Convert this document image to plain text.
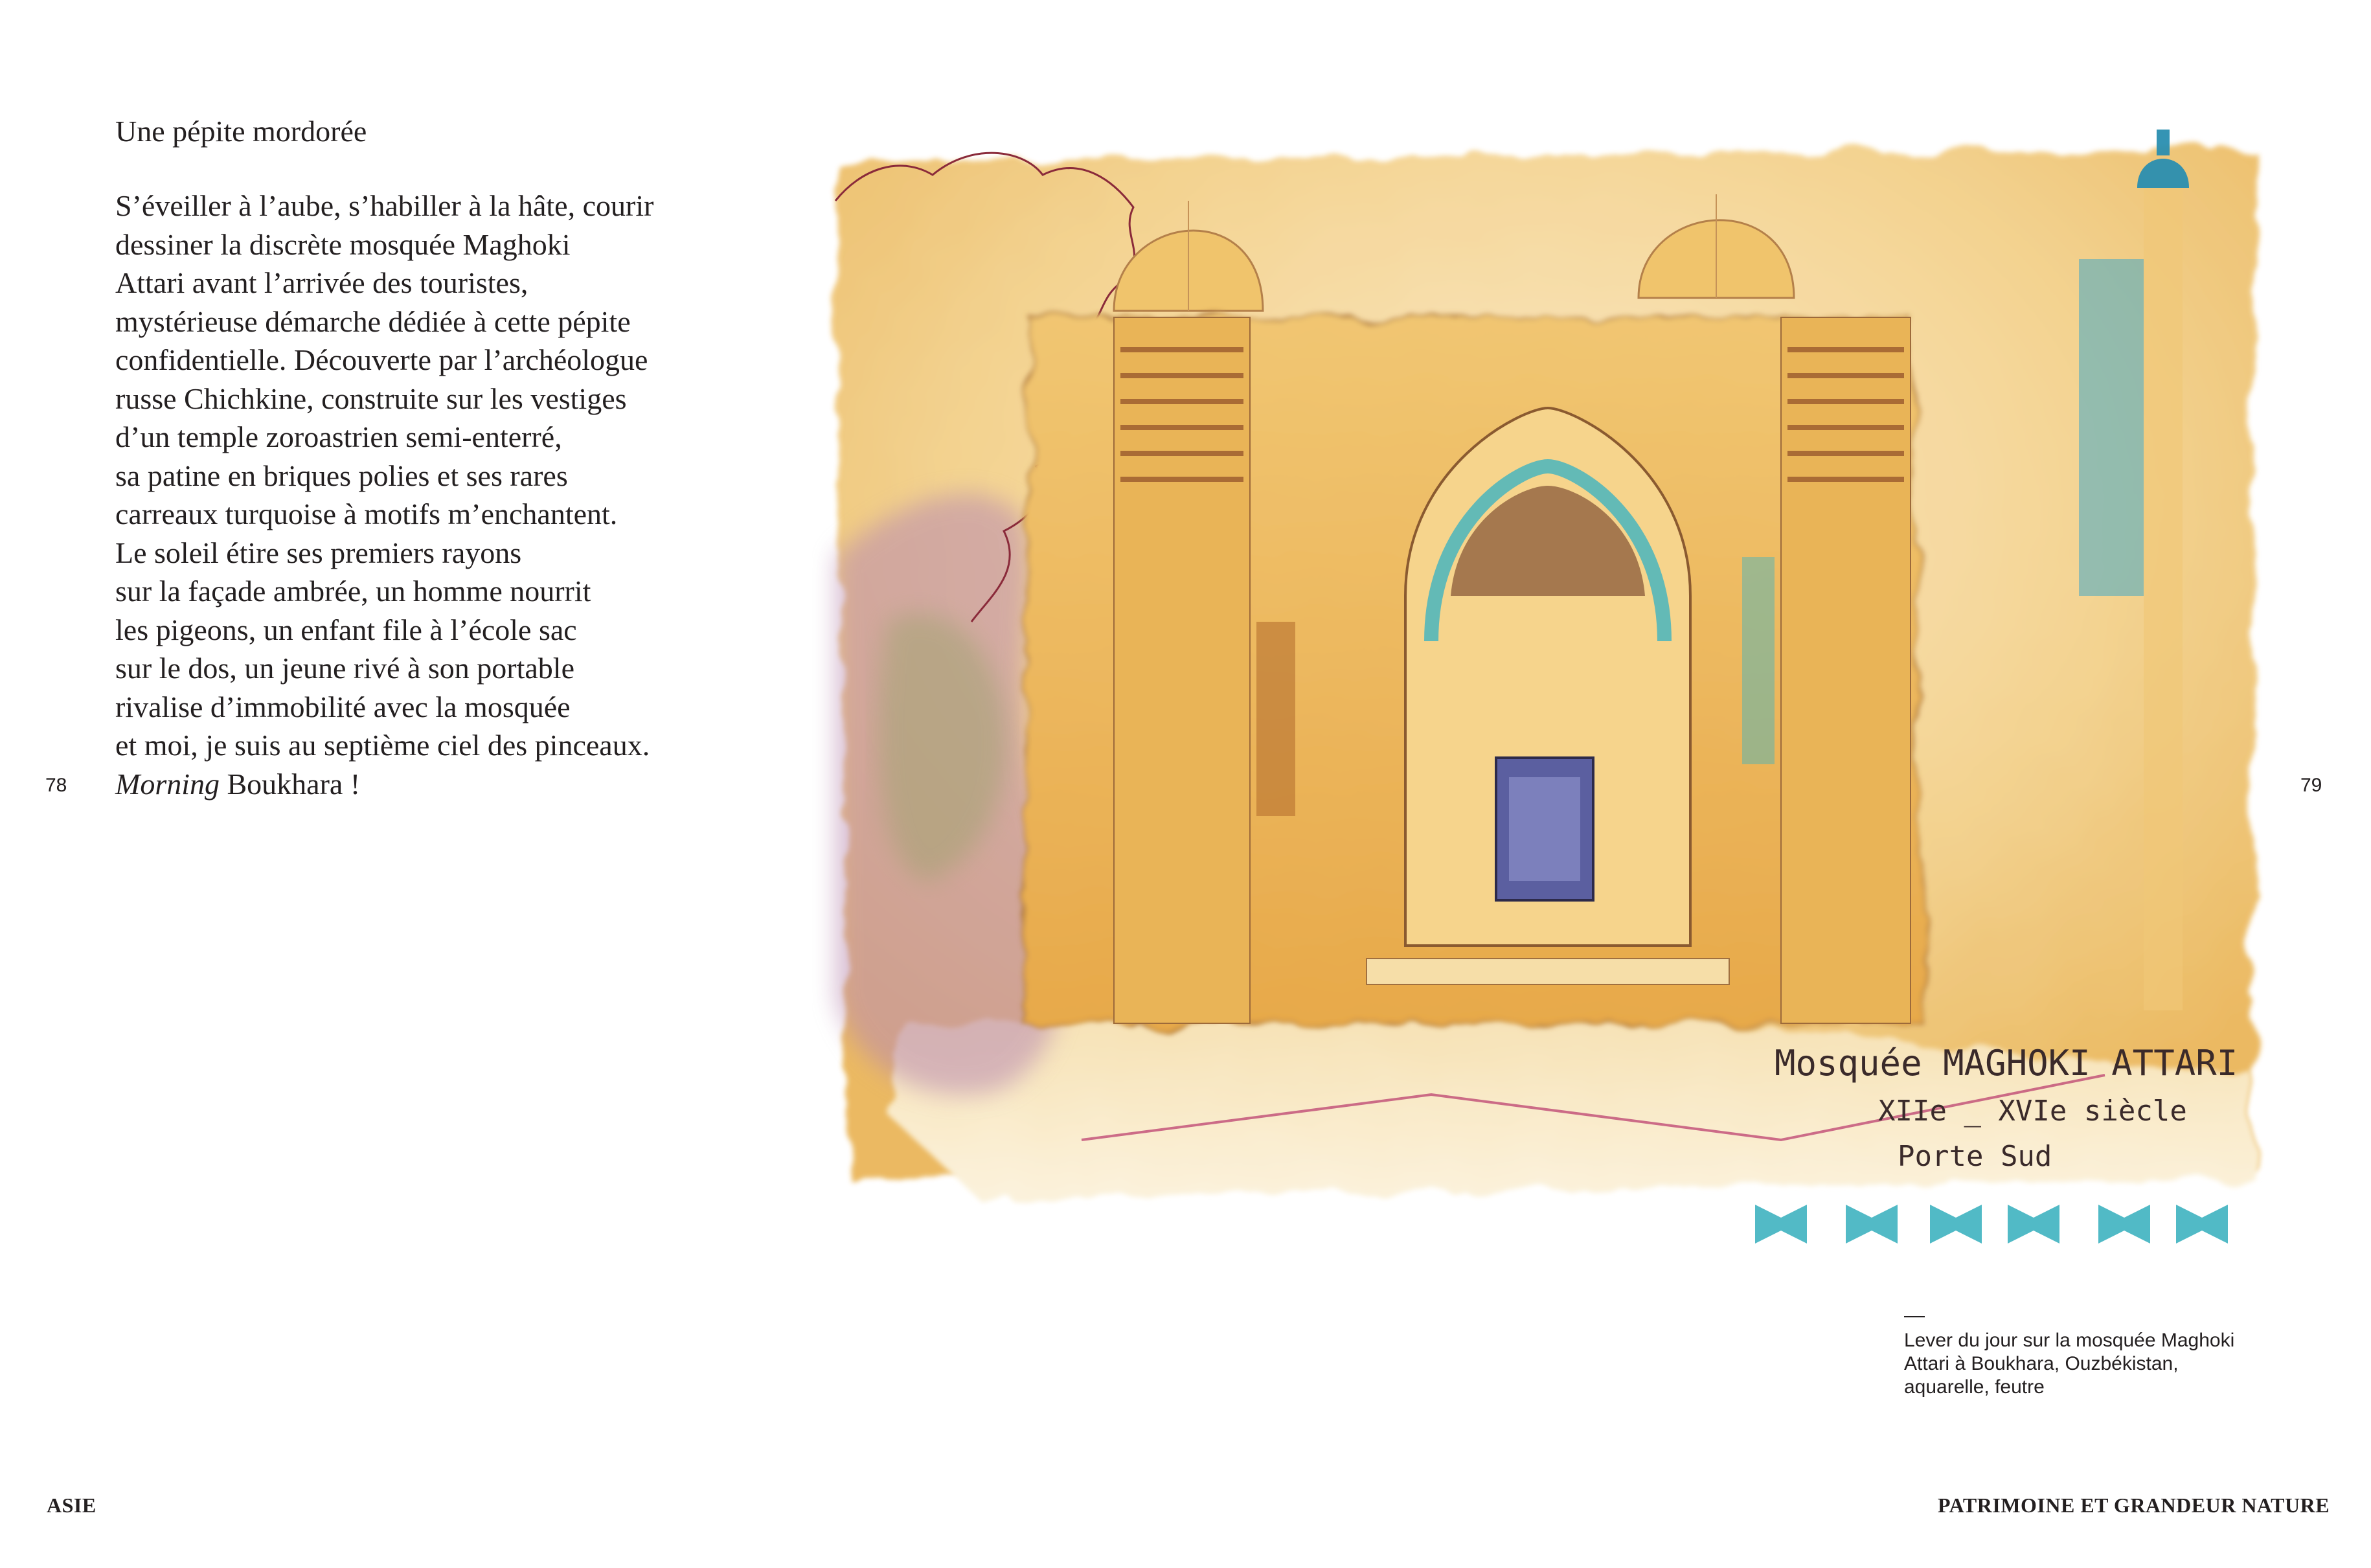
Une pépite mordorée

S’éveiller à l’aube, s’habiller à la hâte, courir
dessiner la discrète mosquée Maghoki
Attari avant l’arrivée des touristes,
mystérieuse démarche dédiée à cette pépite
confidentielle. Découverte par l’archéologue
russe Chichkine, construite sur les vestiges
d’un temple zoroastrien semi-enterré,
sa patine en briques polies et ses rares
carreaux turquoise à motifs m’enchantent.
Le soleil étire ses premiers rayons
sur la façade ambrée, un homme nourrit
les pigeons, un enfant file à l’école sac
sur le dos, un jeune rivé à son portable
rivalise d’immobilité avec la mosquée
et moi, je suis au septième ciel des pinceaux.
Morning Boukhara !

78	79
Mosquée MAGHOKI ATTARI
XIIe _ XVIe siècle
Porte Sud
Lever du jour sur la mosquée Maghoki
Attari à Boukhara, Ouzbékistan,
aquarelle, feutre
ASIE	PATRIMOINE ET GRANDEUR NATURE
